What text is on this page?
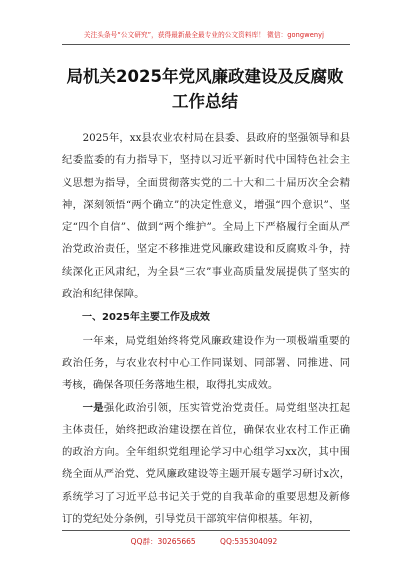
关注头条号“公文研究”，获得最新最全最专业的公文资料库！ 微信：gongwenyj
局机关2025年党风廉政建设及反腐败工作总结

2025年，xx县农业农村局在县委、县政府的坚强领导和县纪委监委的有力指导下，坚持以习近平新时代中国特色社会主义思想为指导，全面贯彻落实党的二十大和二十届历次全会精神，深刻领悟“两个确立”的决定性意义，增强“四个意识”、坚定“四个自信”、做到“两个维护”。全局上下严格履行全面从严治党政治责任，坚定不移推进党风廉政建设和反腐败斗争，持续深化正风肃纪，为全县“三农”事业高质量发展提供了坚实的政治和纪律保障。

一、2025年主要工作及成效

一年来，局党组始终将党风廉政建设作为一项极端重要的政治任务，与农业农村中心工作同谋划、同部署、同推进、同考核，确保各项任务落地生根，取得扎实成效。

一是强化政治引领，压实管党治党责任。局党组坚决扛起主体责任，始终把政治建设摆在首位，确保农业农村工作正确的政治方向。全年组织党组理论学习中心组学习xx次，其中围绕全面从严治党、党风廉政建设等主题开展专题学习研讨x次，系统学习了习近平总书记关于党的自我革命的重要思想及新修订的党纪处分条例，引导党员干部筑牢信仰根基。年初，

QQ群：30265665	QQ:535304092
